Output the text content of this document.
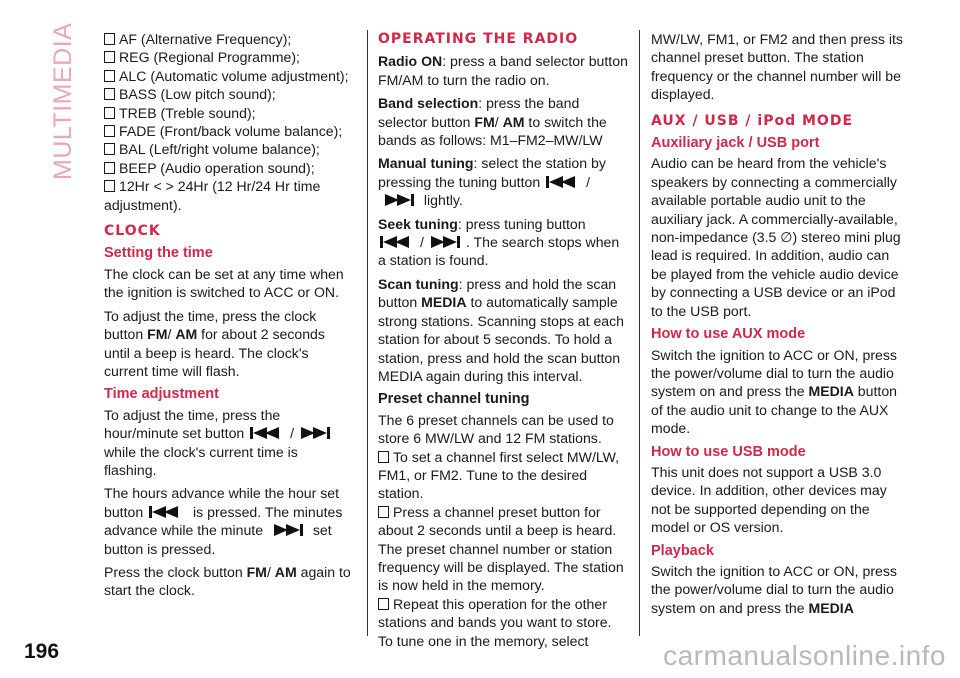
MULTIMEDIA	AF (Alternative Frequency);
REG (Regional Programme);
ALC (Automatic volume adjustment);
BASS (Low pitch sound);
TREB (Treble sound);
FADE (Front/back volume balance);
BAL (Left/right volume balance);
BEEP (Audio operation sound);
12Hr < > 24Hr (12 Hr/24 Hr time adjustment).
CLOCK
Setting the time

The clock can be set at any time when the ignition is switched to ACC or ON.

To adjust the time, press the clock button FM/ AM for about 2 seconds until a beep is heard. The clock's current time will flash.

Time adjustment

To adjust the time, press the hour/minute set button	/
while the clock's current time is flashing.

The hours advance while the hour set button	is pressed. The minutes advance while the minute	set button is pressed.

Press the clock button FM/ AM again to start the clock.

OPERATING THE RADIO

Radio ON: press a band selector button FM/AM to turn the radio on.

Band selection: press the band selector button FM/ AM to switch the bands as follows: M1–FM2–MW/LW

Manual tuning: select the station by pressing the tuning button	/
lightly.

Seek tuning: press tuning button
/	. The search stops when a station is found.

Scan tuning: press and hold the scan button MEDIA to automatically sample strong stations. Scanning stops at each station for about 5 seconds. To hold a station, press and hold the scan button MEDIA again during this interval.

Preset channel tuning

The 6 preset channels can be used to store 6 MW/LW and 12 FM stations.

To set a channel first select MW/LW, FM1, or FM2. Tune to the desired station.
Press a channel preset button for about 2 seconds until a beep is heard. The preset channel number or station frequency will be displayed. The station is now held in the memory.
Repeat this operation for the other stations and bands you want to store. To tune one in the memory, select

MW/LW, FM1, or FM2 and then press its channel preset button. The station frequency or the channel number will be displayed.

AUX / USB / iPod MODE
Auxiliary jack / USB port

Audio can be heard from the vehicle's speakers by connecting a commercially available portable audio unit to the auxiliary jack. A commercially-available, non-impedance (3.5 ∅) stereo mini plug lead is required. In addition, audio can be played from the vehicle audio device by connecting a USB device or an iPod to the USB port.

How to use AUX mode

Switch the ignition to ACC or ON, press the power/volume dial to turn the audio system on and press the MEDIA button of the audio unit to change to the AUX mode.

How to use USB mode

This unit does not support a USB 3.0 device. In addition, other devices may not be supported depending on the model or OS version.

Playback

Switch the ignition to ACC or ON, press the power/volume dial to turn the audio system on and press the MEDIA

196	carmanualsonline.info
